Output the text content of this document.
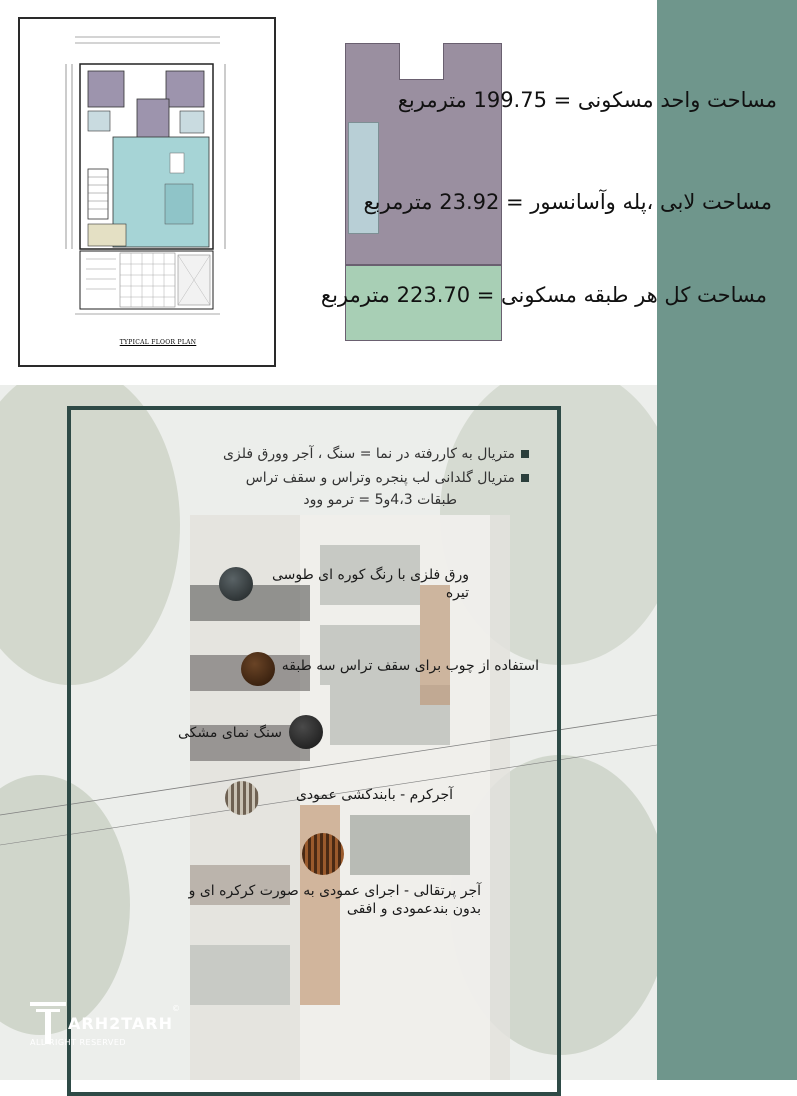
TYPICAL FLOOR PLAN
مساحت واحد مسکونی = 199.75 مترمربع
مساحت لابی ،پله وآسانسور = 23.92 مترمربع
مساحت کل هر طبقه مسکونی = 223.70 مترمربع
متریال به کاررفته در نما = سنگ ، آجر وورق فلزی
متریال گلدانی لب پنجره وتراس و سقف تراس
طبقات 4،3و5 = ترمو وود
ورق فلزی با رنگ کوره ای طوسی تیره
استفاده از چوب برای سقف تراس سه طبقه
سنگ نمای مشکی
آجرکرم - بابندکشی عمودی
آجر پرتقالی - اجرای عمودی به صورت کرکره ای و بدون بندعمودی و افقی
ARH2TARH
ALL RIGHT RESERVED
©
